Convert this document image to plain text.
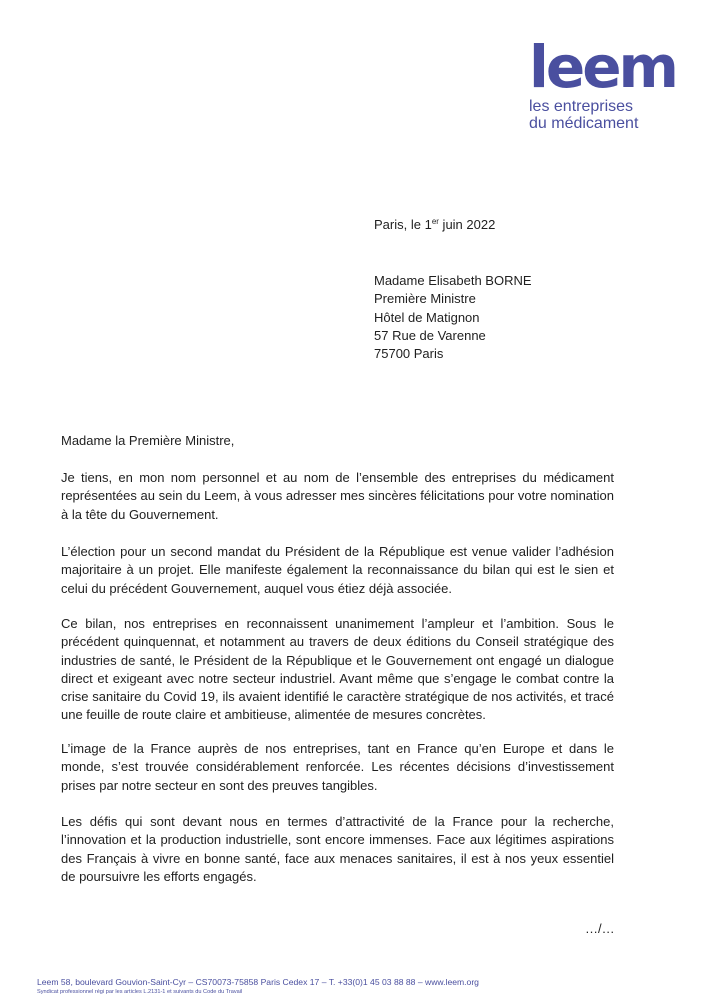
leem
les entreprises
du médicament
Paris, le 1er juin 2022
Madame Elisabeth BORNE
Première Ministre
Hôtel de Matignon
57 Rue de Varenne
75700 Paris
Madame la Première Ministre,

Je tiens, en mon nom personnel et au nom de l’ensemble des entreprises du médicament représentées au sein du Leem, à vous adresser mes sincères félicitations pour votre nomination à la tête du Gouvernement.

L’élection pour un second mandat du Président de la République est venue valider l’adhésion majoritaire à un projet. Elle manifeste également la reconnaissance du bilan qui est le sien et celui du précédent Gouvernement, auquel vous étiez déjà associée.

Ce bilan, nos entreprises en reconnaissent unanimement l’ampleur et l’ambition. Sous le précédent quinquennat, et notamment au travers de deux éditions du Conseil stratégique des industries de santé, le Président de la République et le Gouvernement ont engagé un dialogue direct et exigeant avec notre secteur industriel. Avant même que s’engage le combat contre la crise sanitaire du Covid 19, ils avaient identifié le caractère stratégique de nos activités, et tracé une feuille de route claire et ambitieuse, alimentée de mesures concrètes.

L’image de la France auprès de nos entreprises, tant en France qu’en Europe et dans le monde, s’est trouvée considérablement renforcée. Les récentes décisions d’investissement prises par notre secteur en sont des preuves tangibles.

Les défis qui sont devant nous en termes d’attractivité de la France pour la recherche, l’innovation et la production industrielle, sont encore immenses. Face aux légitimes aspirations des Français à vivre en bonne santé, face aux menaces sanitaires, il est à nos yeux essentiel de poursuivre les efforts engagés.

…/…
Leem 58, boulevard Gouvion-Saint-Cyr – CS70073-75858 Paris Cedex 17 – T. +33(0)1 45 03 88 88 – www.leem.org
Syndicat professionnel régi par les articles L.2131-1 et suivants du Code du Travail
